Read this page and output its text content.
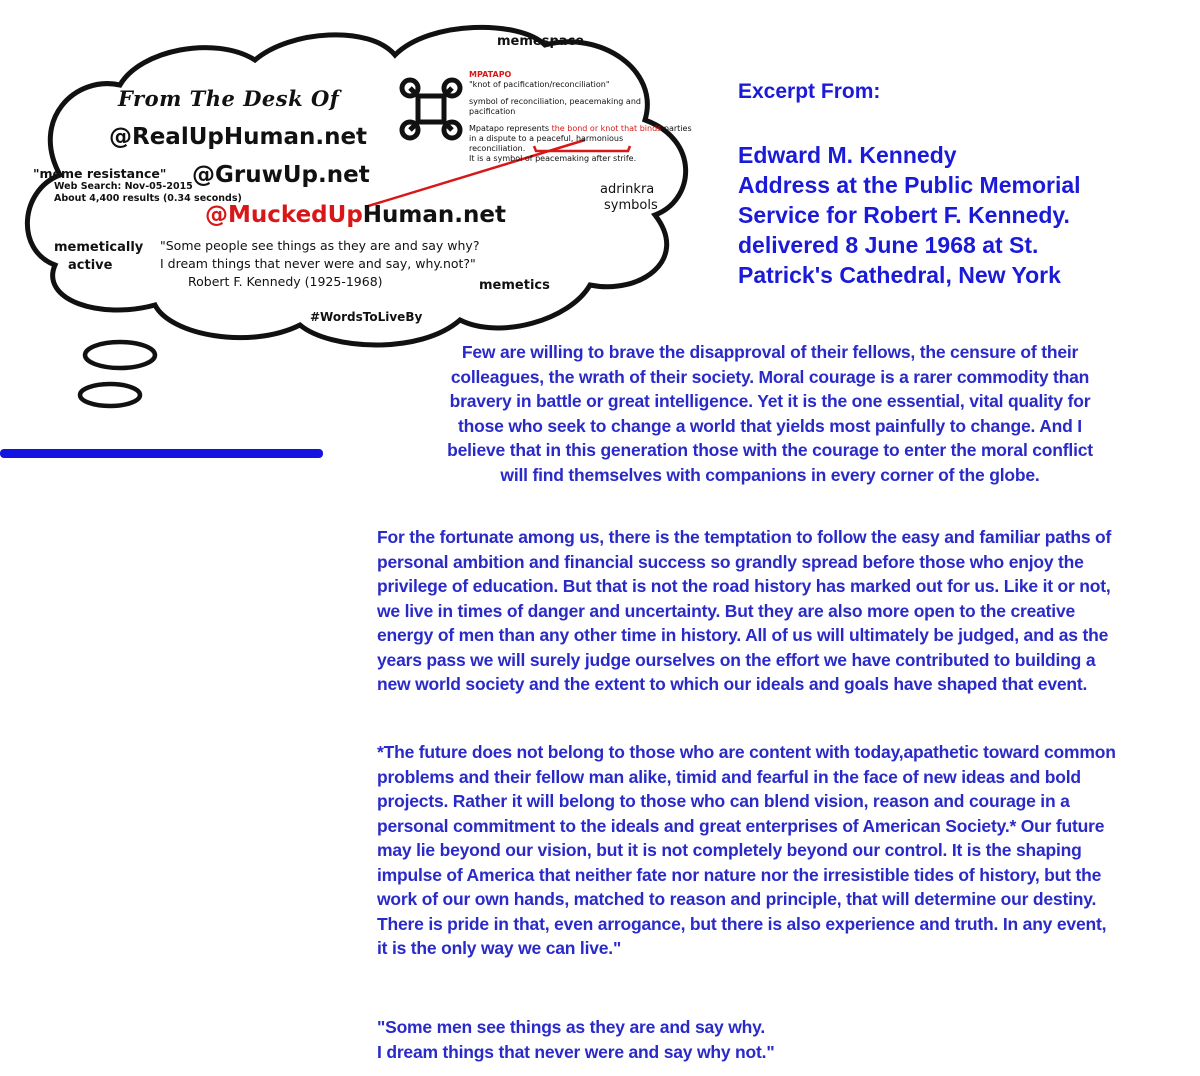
memespace
From The Desk Of
@RealUpHuman.net
@GruwUp.net
@MuckedUpHuman.net
"meme resistance"
Web Search: Nov-05-2015
About 4,400 results (0.34 seconds)
adrinkra
symbols
memetically
active
"Some people see things as they are and say why?
I dream things that never were and say, why.not?"
Robert F. Kennedy (1925-1968)	memetics
#WordsToLiveBy
MPATAPO
"knot of pacification/reconciliation"
symbol of reconciliation, peacemaking and pacification
Mpatapo represents the bond or knot that binds parties
in a dispute to a peaceful, harmonious reconciliation.
It is a symbol of peacemaking after strife.
Excerpt From:
Edward M. Kennedy
Address at the Public Memorial
Service for Robert F. Kennedy.
delivered 8 June 1968 at St.
Patrick's Cathedral, New York

Few are willing to brave the disapproval of their fellows, the censure of their

colleagues, the wrath of their society. Moral courage is a rarer commodity than

bravery in battle or great intelligence. Yet it is the one essential, vital quality for

those who seek to change a world that yields most painfully to change. And I

believe that in this generation those with the courage to enter the moral conflict

will find themselves with companions in every corner of the globe.

For the fortunate among us, there is the temptation to follow the easy and familiar paths of

personal ambition and financial success so grandly spread before those who enjoy the

privilege of education. But that is not the road history has marked out for us. Like it or not,

we live in times of danger and uncertainty. But they are also more open to the creative

energy of men than any other time in history. All of us will ultimately be judged, and as the

years pass we will surely judge ourselves on the effort we have contributed to building a

new world society and the extent to which our ideals and goals have shaped that event.

*The future does not belong to those who are content with today,apathetic toward common

problems and their fellow man alike, timid and fearful in the face of new ideas and bold

projects. Rather it will belong to those who can blend vision, reason and courage in a

personal commitment to the ideals and great enterprises of American Society.* Our future

may lie beyond our vision, but it is not completely beyond our control. It is the shaping

impulse of America that neither fate nor nature nor the irresistible tides of history, but the

work of our own hands, matched to reason and principle, that will determine our destiny.

There is pride in that, even arrogance, but there is also experience and truth. In any event,

it is the only way we can live."

"Some men see things as they are and say why.

I dream things that never were and say why not."
